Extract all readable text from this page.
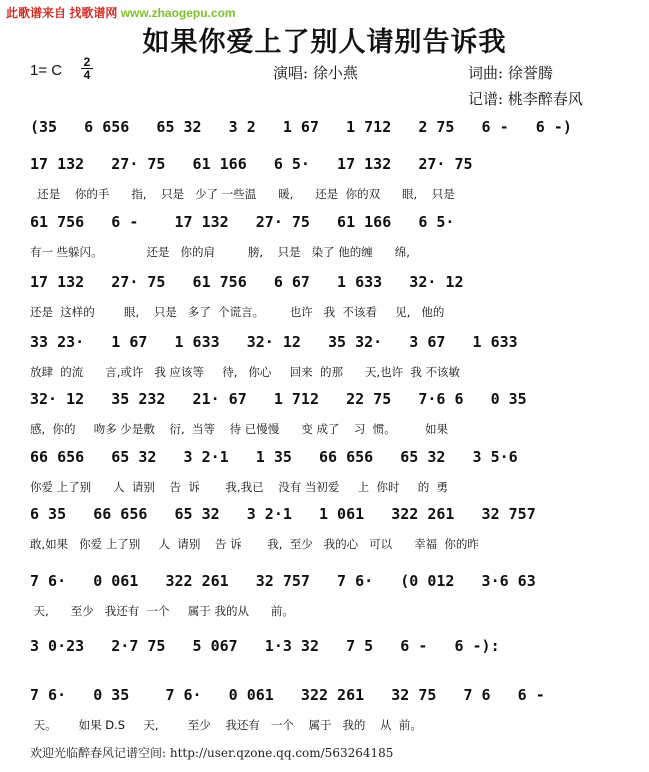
此歌谱来自 找歌谱网 www.zhaogepu.com
如果你爱上了别人请别告诉我
1= C	2
4	演唱: 徐小燕	词曲: 徐誉腾
记谱: 桃李醉春风
(35   6 656   65 32   3 2   1 67   1 712   2 75   6 -   6 -)
17 132   27· 75   61 166   6 5·   17 132   27· 75
还是    你的手      指,    只是   少了 一些温      暖,      还是  你的双      眼,    只是
61 756   6 -    17 132   27· 75   61 166   6 5·
有一 些躲闪。            还是   你的肩         膀,    只是   染了 他的缠      绵,
17 132   27· 75   61 756   6 67   1 633   32· 12
还是  这样的        眼,    只是   多了  个谎言。       也许   我  不该看     见,   他的
33 23·   1 67   1 633   32· 12   35 32·   3 67   1 633
放肆  的流      言,或许   我 应该等     待,   你心     回来  的那      天,也许  我 不该敏
32· 12   35 232   21· 67   1 712   22 75   7·6 6   0 35
感,  你的     吻多 少是敷    衍,  当等    待 已慢慢      变 成了    习  惯。        如果
66 656   65 32   3 2·1   1 35   66 656   65 32   3 5·6
你爱 上了别      人  请别    告  诉       我,我已    没有 当初爱     上  你时     的  勇
6 35   66 656   65 32   3 2·1   1 061   322 261   32 757
敢,如果   你爱 上了别     人  请别    告 诉       我,  至少   我的心   可以      幸福  你的昨
7 6·   0 061   322 261   32 757   7 6·   (0 012   3·6 63
天,      至少   我还有  一个     属于 我的从      前。
3 0·23   2·7 75   5 067   1·3 32   7 5   6 -   6 -):
7 6·   0 35    7 6·   0 061   322 261   32 75   7 6   6 -
天。      如果 D.S     天,        至少    我还有   一个    属于   我的    从  前。
欢迎光临醉春风记谱空间: http://user.qzone.qq.com/563264185
